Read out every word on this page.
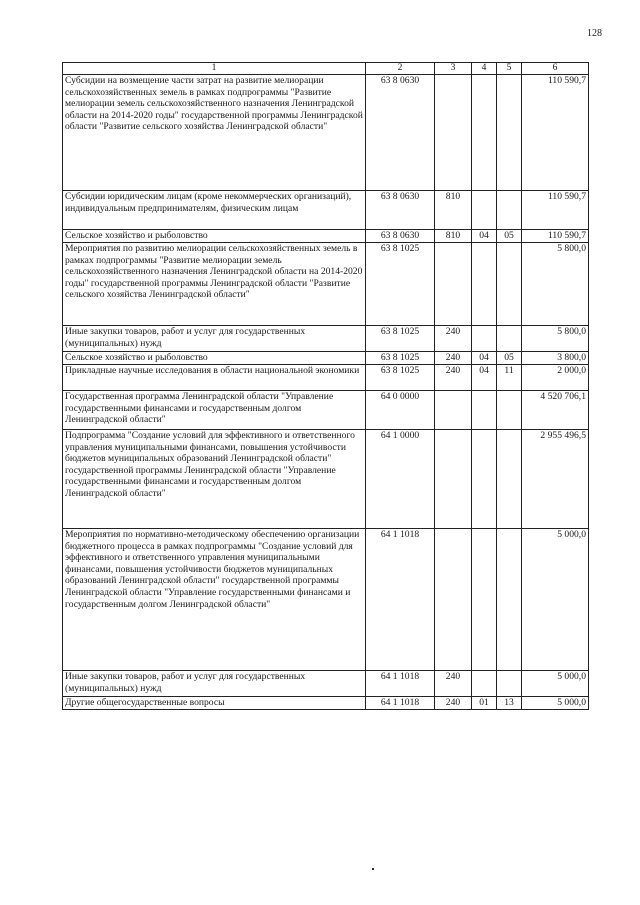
128
1	2	3	4	5	6
Субсидии на возмещение части затрат на развитие мелиорации сельскохозяйственных земель в рамках подпрограммы "Развитие мелиорации земель сельскохозяйственного назначения Ленинградской области на 2014-2020 годы" государственной программы Ленинградской области "Развитие сельского хозяйства Ленинградской области"	63 8 0630				110 590,7
Субсидии юридическим лицам (кроме некоммерческих организаций), индивидуальным предпринимателям, физическим лицам	63 8 0630	810			110 590,7
Сельское хозяйство и рыболовство	63 8 0630	810	04	05	110 590,7
Мероприятия по развитию мелиорации сельскохозяйственных земель в рамках подпрограммы "Развитие мелиорации земель сельскохозяйственного назначения Ленинградской области на 2014-2020 годы" государственной программы Ленинградской области "Развитие сельского хозяйства Ленинградской области"	63 8 1025				5 800,0
Иные закупки товаров, работ и услуг для государственных (муниципальных) нужд	63 8 1025	240			5 800,0
Сельское хозяйство и рыболовство	63 8 1025	240	04	05	3 800,0
Прикладные научные исследования в области национальной экономики	63 8 1025	240	04	11	2 000,0
Государственная программа Ленинградской области "Управление государственными финансами и государственным долгом Ленинградской области"	64 0 0000				4 520 706,1
Подпрограмма "Создание условий для эффективного и ответственного управления муниципальными финансами, повышения устойчивости бюджетов муниципальных образований Ленинградской области" государственной программы Ленинградской области "Управление государственными финансами и государственным долгом Ленинградской области"	64 1 0000				2 955 496,5
Мероприятия по нормативно-методическому обеспечению организации бюджетного процесса в рамках подпрограммы "Создание условий для эффективного и ответственного управления муниципальными финансами, повышения устойчивости бюджетов муниципальных образований Ленинградской области" государственной программы Ленинградской области "Управление государственными финансами и государственным долгом Ленинградской области"	64 1 1018				5 000,0
Иные закупки товаров, работ и услуг для государственных (муниципальных) нужд	64 1 1018	240			5 000,0
Другие общегосударственные вопросы	64 1 1018	240	01	13	5 000,0
